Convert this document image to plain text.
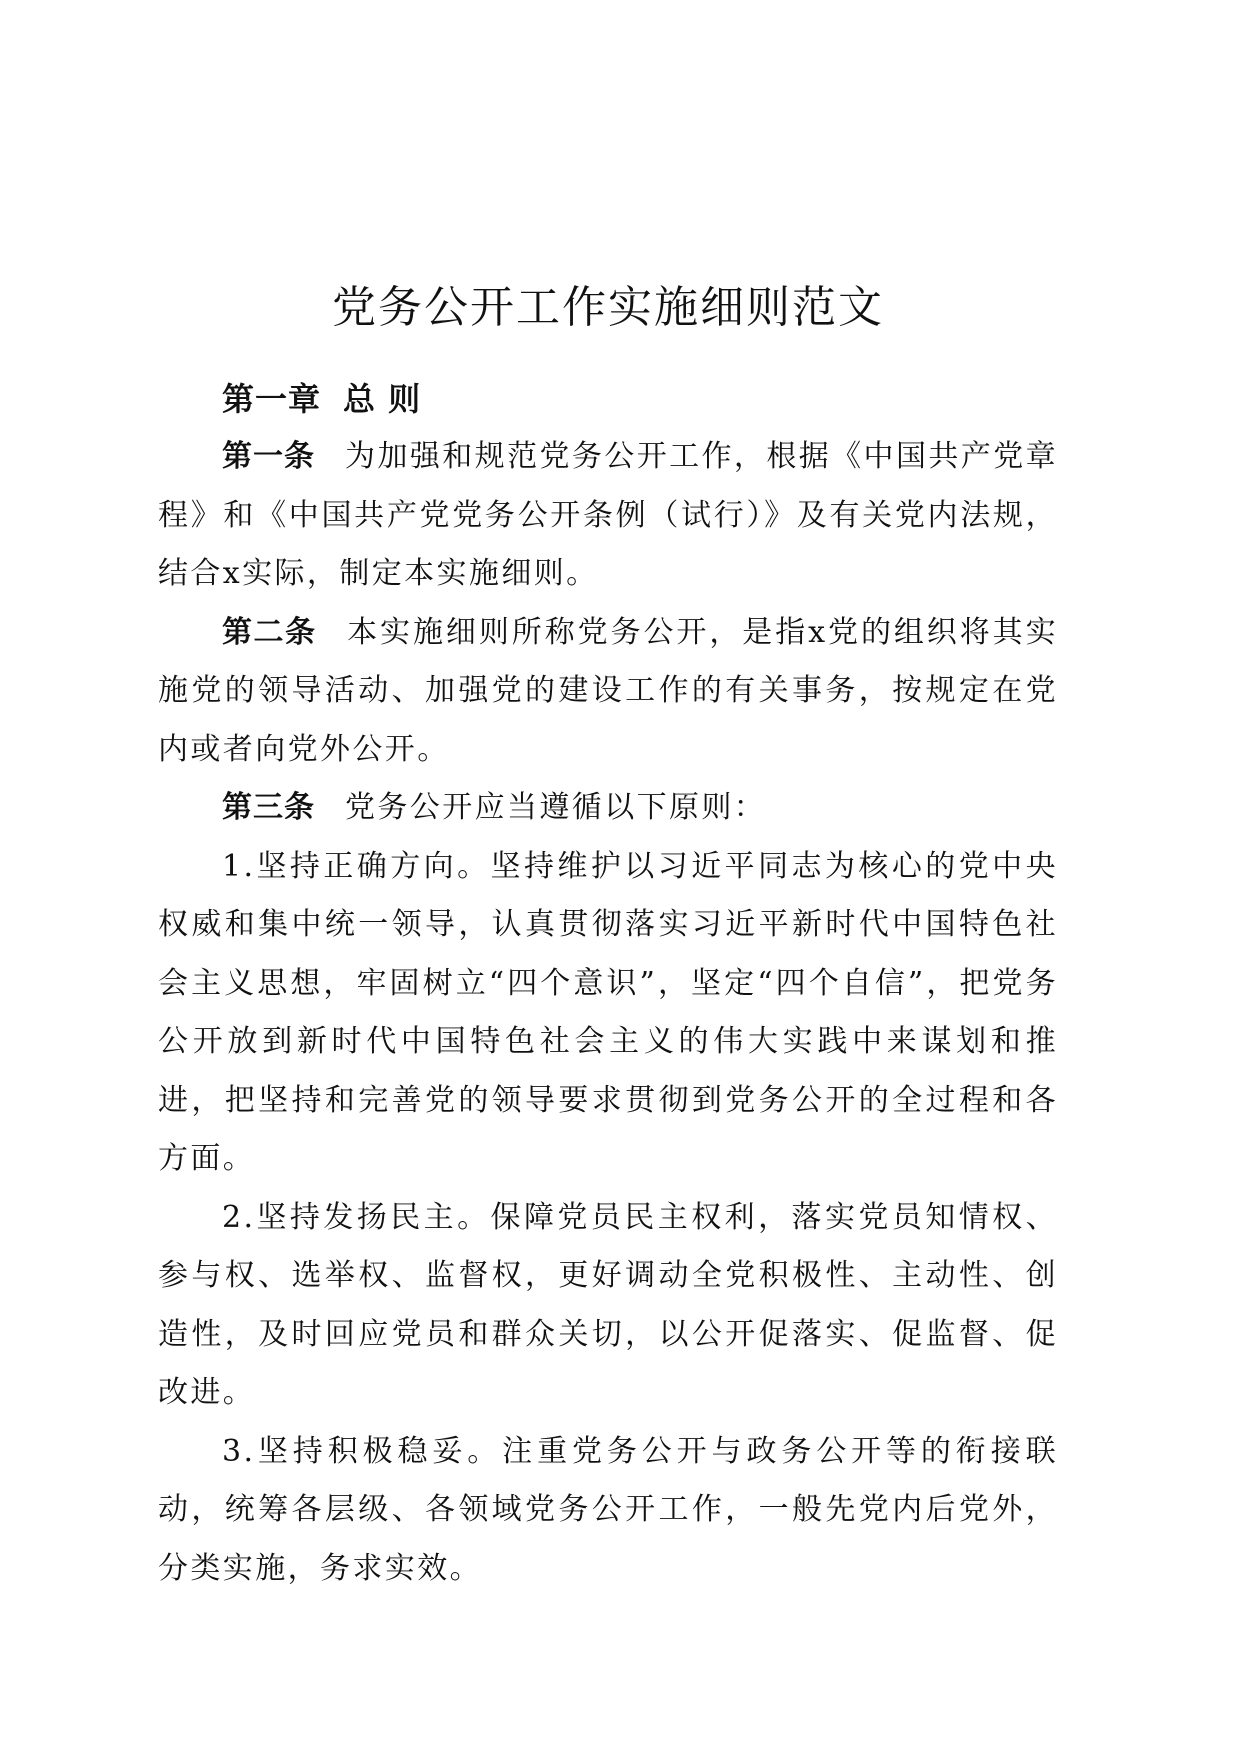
党务公开工作实施细则范文
第一章 总 则

第一条 为加强和规范党务公开工作，根据《中国共产党章程》和《中国共产党党务公开条例（试行）》及有关党内法规，结合x实际，制定本实施细则。

第二条 本实施细则所称党务公开，是指x党的组织将其实施党的领导活动、加强党的建设工作的有关事务，按规定在党内或者向党外公开。

第三条 党务公开应当遵循以下原则：

1.坚持正确方向。坚持维护以习近平同志为核心的党中央权威和集中统一领导，认真贯彻落实习近平新时代中国特色社会主义思想，牢固树立“四个意识”，坚定“四个自信”，把党务公开放到新时代中国特色社会主义的伟大实践中来谋划和推进，把坚持和完善党的领导要求贯彻到党务公开的全过程和各方面。

2.坚持发扬民主。保障党员民主权利，落实党员知情权、参与权、选举权、监督权，更好调动全党积极性、主动性、创造性，及时回应党员和群众关切，以公开促落实、促监督、促改进。

3.坚持积极稳妥。注重党务公开与政务公开等的衔接联动，统筹各层级、各领域党务公开工作，一般先党内后党外，分类实施，务求实效。
